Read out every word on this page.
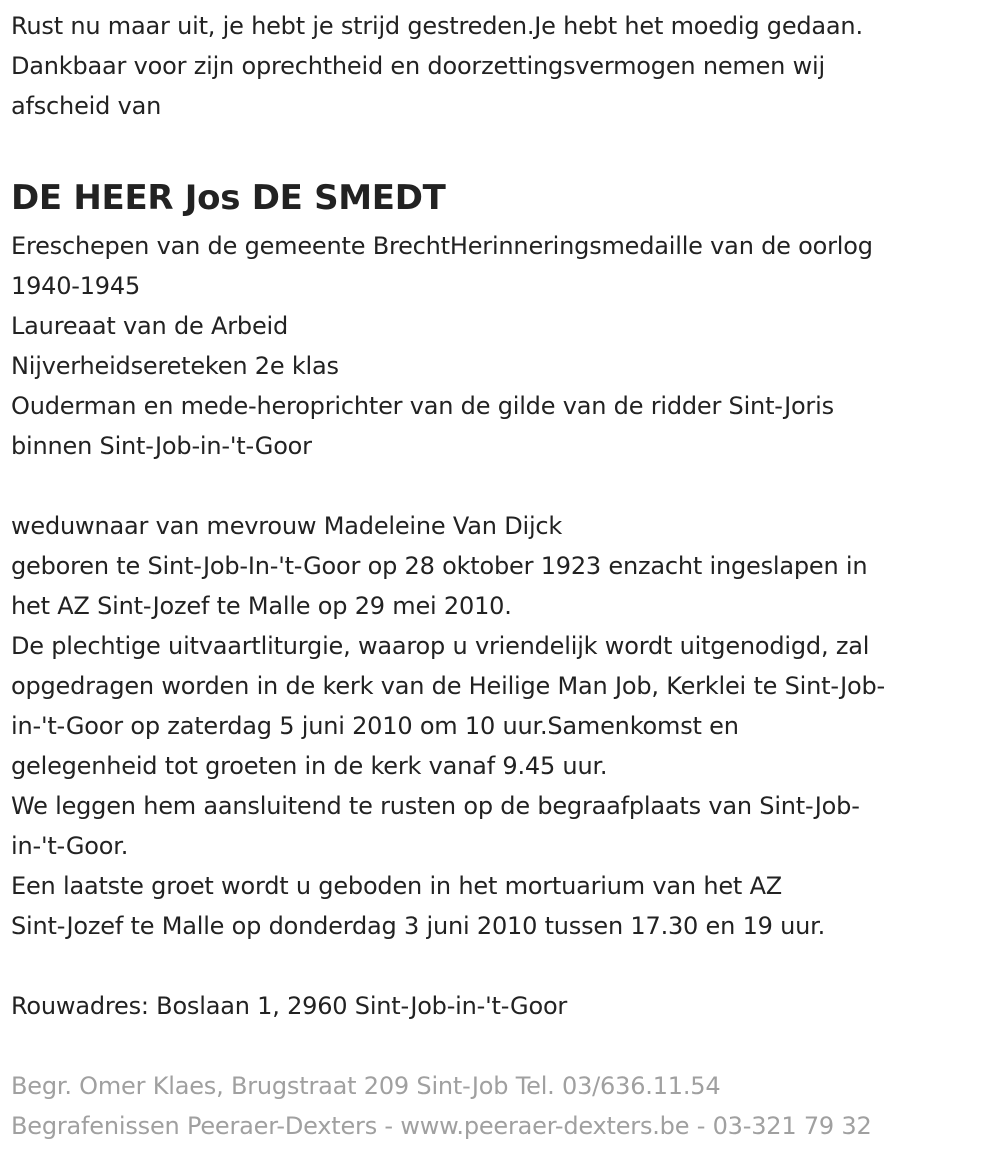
Rust nu maar uit, je hebt je strijd gestreden.Je hebt het moedig gedaan.
Dankbaar voor zijn oprechtheid en doorzettingsvermogen nemen wij
afscheid van
DE HEER Jos DE SMEDT
Ereschepen van de gemeente BrechtHerinneringsmedaille van de oorlog
1940-1945
Laureaat van de Arbeid
Nijverheidsereteken 2e klas
Ouderman en mede-heroprichter van de gilde van de ridder Sint-Joris
binnen Sint-Job-in-'t-Goor
weduwnaar van mevrouw Madeleine Van Dijck
geboren te Sint-Job-In-'t-Goor op 28 oktober 1923 enzacht ingeslapen in
het AZ Sint-Jozef te Malle op 29 mei 2010.
De plechtige uitvaartliturgie, waarop u vriendelijk wordt uitgenodigd, zal
opgedragen worden in de kerk van de Heilige Man Job, Kerklei te Sint-Job-
in-'t-Goor op zaterdag 5 juni 2010 om 10 uur.Samenkomst en
gelegenheid tot groeten in de kerk vanaf 9.45 uur.
We leggen hem aansluitend te rusten op de begraafplaats van Sint-Job-
in-'t-Goor.
Een laatste groet wordt u geboden in het mortuarium van het AZ
Sint-Jozef te Malle op donderdag 3 juni 2010 tussen 17.30 en 19 uur.
Rouwadres: Boslaan 1, 2960 Sint-Job-in-'t-Goor
Begr. Omer Klaes, Brugstraat 209 Sint-Job Tel. 03/636.11.54
Begrafenissen Peeraer-Dexters - www.peeraer-dexters.be - 03-321 79 32
